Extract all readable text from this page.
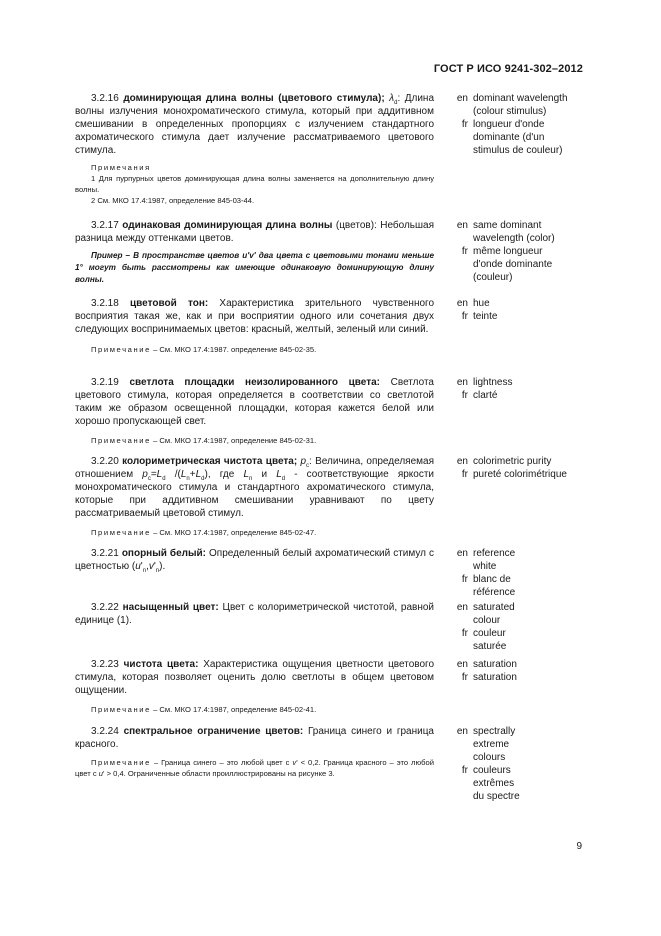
ГОСТ Р ИСО 9241-302–2012

3.2.16 доминирующая длина волны (цветового стимула); $\lambda_d$: Длина волны излучения монохроматического стимула, который при аддитивном смешивании в определенных пропорциях с излучением стандартного ахроматического стимула дает излучение рассматриваемого цветового стимула.

Примечания

1 Для пурпурных цветов доминирующая длина волны заменяется на дополнительную длину волны.

2 См. МКО 17.4:1987, определение 845-03-44.

en dominant wavelength
(colour stimulus)
fr longueur d'onde
dominante (d'un
stimulus de couleur)

3.2.17 одинаковая доминирующая длина волны (цветов): Небольшая разница между оттенками цветов.

Пример – В пространстве цветов u'v' два цвета с цветовыми тонами меньше 1° могут быть рассмотрены как имеющие одинаковую доминирующую длину волны.

en same dominant
wavelength (color)
fr même longueur
d'onde dominante
(couleur)

3.2.18 цветовой тон: Характеристика зрительного чувственного восприятия такая же, как и при восприятии одного или сочетания двух следующих воспринимаемых цветов: красный, желтый, зеленый или синий.

Примечание – См. МКО 17.4:1987. определение 845-02-35.

en hue
fr teinte

3.2.19 светлота площадки неизолированного цвета: Светлота цветового стимула, которая определяется в соответствии со светлотой таким же образом освещенной площадки, которая кажется белой или хорошо пропускающей свет.

Примечание – См. МКО 17.4:1987, определение 845-02-31.

en lightness
fr clarté

3.2.20 колориметрическая чистота цвета; $p_c$: Величина, определяемая отношением $p_c=L_d$ $/(L_n+L_d)$, где $L_n$ и $L_d$ - соответствующие яркости монохроматического стимула и стандартного ахроматического стимула, которые при аддитивном смешивании уравнивают по цвету рассматриваемый цветовой стимул.

Примечание – См. МКО 17.4:1987, определение 845-02-47.

en colorimetric purity
fr pureté colorimétrique

3.2.21 опорный белый: Определенный белый ахроматический стимул с цветностью $(u'_n,v'_n)$.

en reference
white
fr blanc de
référence

3.2.22 насыщенный цвет: Цвет с колориметрической чистотой, равной единице (1).

en saturated
colour
fr couleur
saturée

3.2.23 чистота цвета: Характеристика ощущения цветности цветового стимула, которая позволяет оценить долю светлоты в общем цветовом ощущении.

Примечание – См. МКО 17.4:1987, определение 845-02-41.

en saturation
fr saturation

3.2.24 спектральное ограничение цветов: Граница синего и граница красного.

Примечание – Граница синего – это любой цвет с v' < 0,2. Граница красного – это любой цвет с u' > 0,4. Ограниченные области проиллюстрированы на рисунке 3.

en spectrally
extreme
colours
fr couleurs
extrêmes
du spectre
9
